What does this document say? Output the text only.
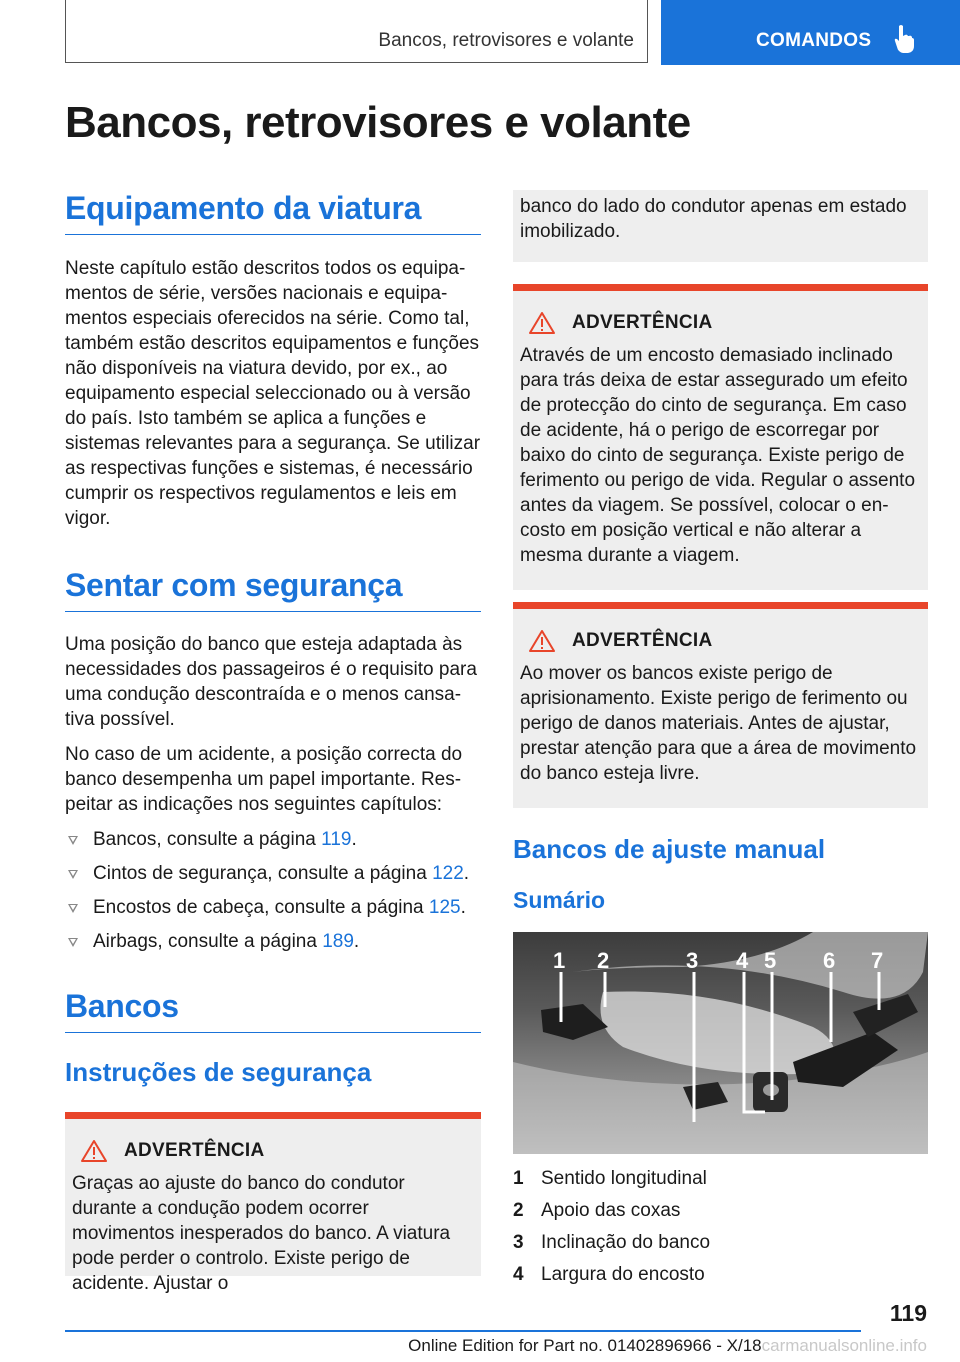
Bancos, retrovisores e volante	COMANDOS
Bancos, retrovisores e volante
Equipamento da viatura

Neste capítulo estão descritos todos os equipamentos de série, versões nacionais e equipamentos especiais oferecidos na série. Como tal, também estão descritos equipamentos e funções não disponíveis na viatura devido, por ex., ao equipamento especial seleccionado ou à versão do país. Isto também se aplica a funções e sistemas relevantes para a segurança. Se utilizar as respectivas funções e sistemas, é necessário cumprir os respectivos regulamentos e leis em vigor.

Sentar com segurança

Uma posição do banco que esteja adaptada às necessidades dos passageiros é o requisito para uma condução descontraída e o menos cansativa possível.

No caso de um acidente, a posição correcta do banco desempenha um papel importante. Respeitar as indicações nos seguintes capítulos:

Bancos, consulte a página 119.
Cintos de segurança, consulte a página 122.
Encostos de cabeça, consulte a página 125.
Airbags, consulte a página 189.
Bancos
Instruções de segurança
ADVERTÊNCIA

Graças ao ajuste do banco do condutor durante a condução podem ocorrer movimentos inesperados do banco. A viatura pode perder o controlo. Existe perigo de acidente. Ajustar o

banco do lado do condutor apenas em estado imobilizado.

ADVERTÊNCIA

Através de um encosto demasiado inclinado para trás deixa de estar assegurado um efeito de protecção do cinto de segurança. Em caso de acidente, há o perigo de escorregar por baixo do cinto de segurança. Existe perigo de ferimento ou perigo de vida. Regular o assento antes da viagem. Se possível, colocar o encosto em posição vertical e não alterar a mesma durante a viagem.

ADVERTÊNCIA

Ao mover os bancos existe perigo de aprisionamento. Existe perigo de ferimento ou perigo de danos materiais. Antes de ajustar, prestar atenção para que a área de movimento do banco esteja livre.

Bancos de ajuste manual
Sumário
1 2	3 4 5 6 7
1 Sentido longitudinal
2 Apoio das coxas
3 Inclinação do banco
4 Largura do encosto
119
Online Edition for Part no. 01402896966 - X/18carmanualsonline.info
